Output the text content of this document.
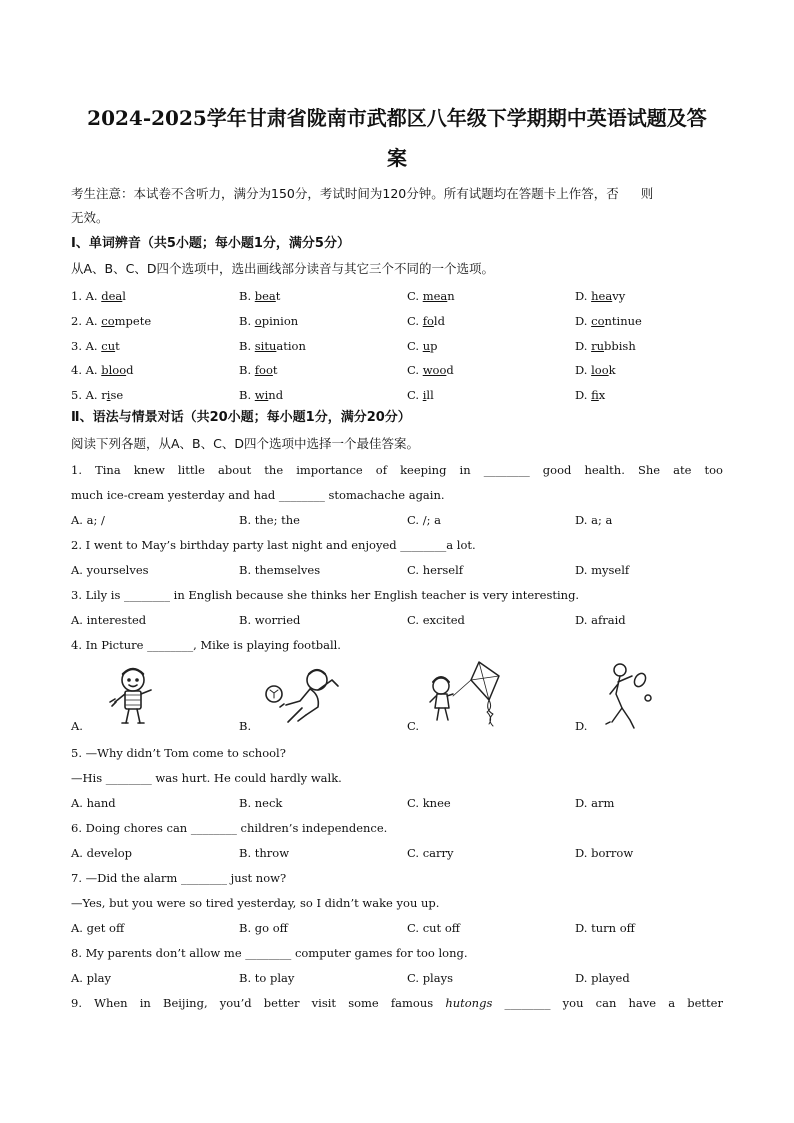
2024-2025学年甘肃省陇南市武都区八年级下学期期中英语试题及答
案
考生注意：本试卷不含听力，满分为150分，考试时间为120分钟。所有试题均在答题卡上作答，否 则
无效。
Ⅰ、单词辨音（共5小题；每小题1分，满分5分）
从A、B、C、D四个选项中，选出画线部分读音与其它三个不同的一个选项。
1. A. deal	B. beat	C. mean	D. heavy
2. A. compete	B. opinion	C. fold	D. continue
3. A. cut	B. situation	C. up	D. rubbish
4. A. blood	B. foot	C. wood	D. look
5. A. rise	B. wind	C. ill	D. fix
Ⅱ、语法与情景对话（共20小题；每小题1分，满分20分）
阅读下列各题，从A、B、C、D四个选项中选择一个最佳答案。
1. Tina knew little about the importance of keeping in ________ good health. She ate too
much ice-cream yesterday and had ________ stomachache again.
A. a; /	B. the; the	C. /; a	D. a; a
2. I went to May’s birthday party last night and enjoyed ________a lot.
A. yourselves	B. themselves	C. herself	D. myself
3. Lily is ________ in English because she thinks her English teacher is very interesting.
A. interested	B. worried	C. excited	D. afraid
4. In Picture ________, Mike is playing football.
A.	B.	C.	D.
5. —Why didn’t Tom come to school?
—His ________ was hurt. He could hardly walk.
A. hand	B. neck	C. knee	D. arm
6. Doing chores can ________ children’s independence.
A. develop	B. throw	C. carry	D. borrow
7. —Did the alarm ________ just now?
—Yes, but you were so tired yesterday, so I didn’t wake you up.
A. get off	B. go off	C. cut off	D. turn off
8. My parents don’t allow me ________ computer games for too long.
A. play	B. to play	C. plays	D. played
9. When in Beijing, you’d better visit some famous hutongs ________ you can have a better
